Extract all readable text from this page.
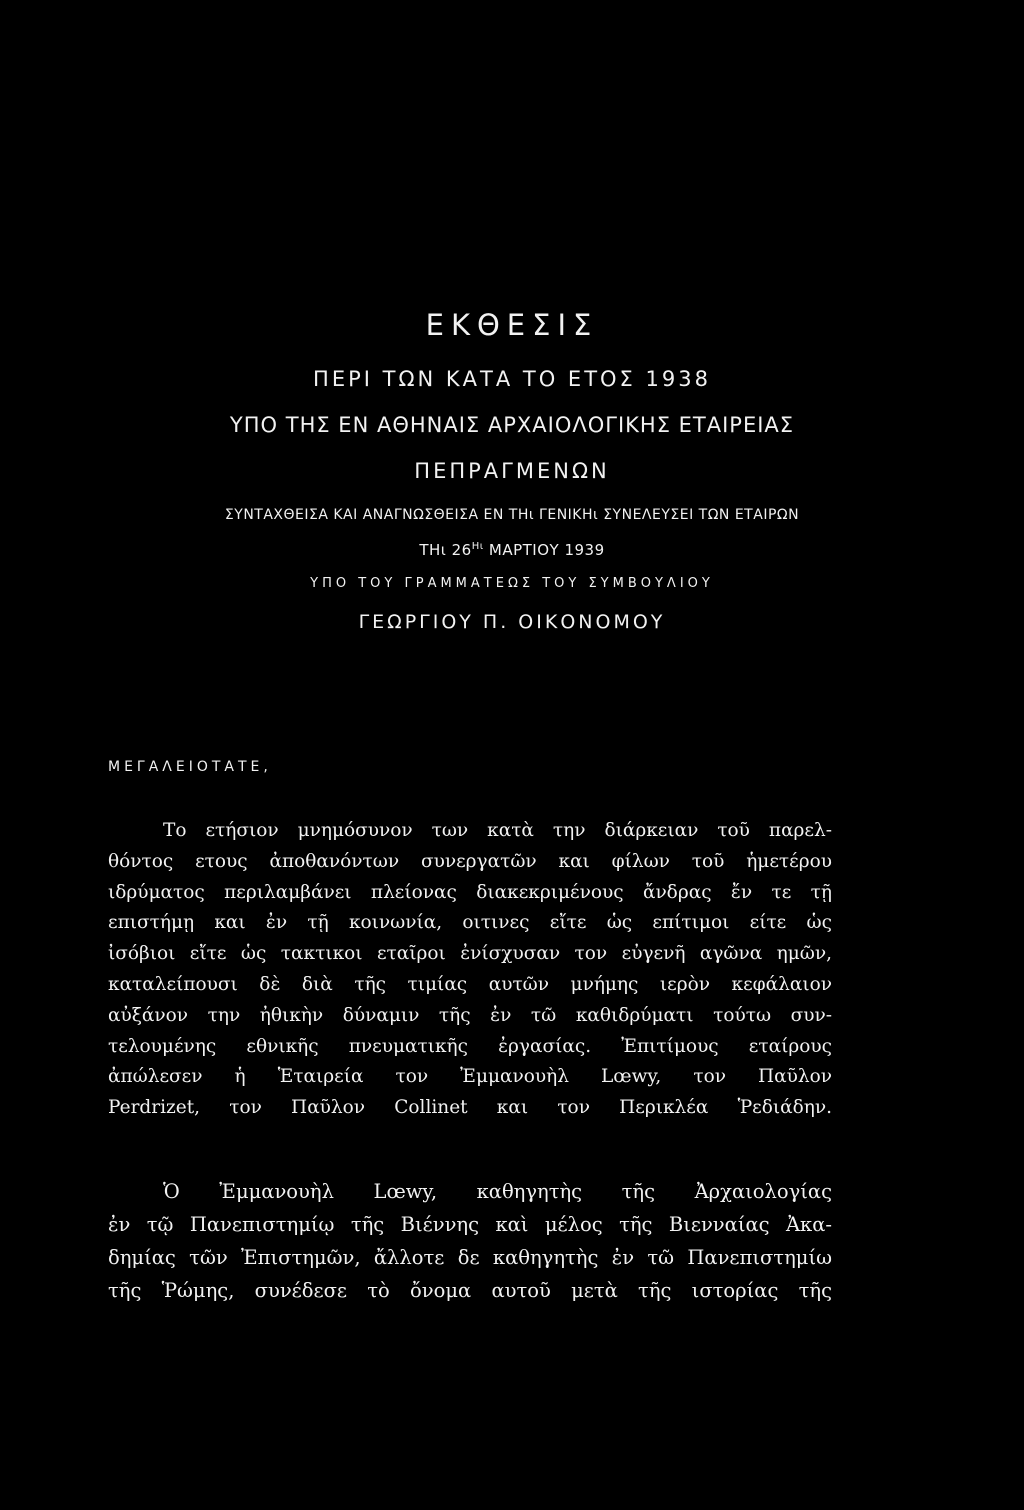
ΕΚΘΕΣΙΣ
ΠΕΡΙ ΤΩΝ ΚΑΤΑ ΤΟ ΕΤΟΣ 1938
ΥΠΟ ΤΗΣ ΕΝ ΑΘΗΝΑΙΣ ΑΡΧΑΙΟΛΟΓΙΚΗΣ ΕΤΑΙΡΕΙΑΣ
ΠΕΠΡΑΓΜΕΝΩΝ
ΣΥΝΤΑΧΘΕΙΣΑ ΚΑΙ ΑΝΑΓΝΩΣΘΕΙΣΑ ΕΝ ΤΗι ΓΕΝΙΚΗι ΣΥΝΕΛΕΥΣΕΙ ΤΩΝ ΕΤΑΙΡΩΝ
ΤΗι $26^{H\iota}$ ΜΑΡΤΙΟΥ 1939
ΥΠΟ ΤΟΥ ΓΡΑΜΜΑΤΕΩΣ ΤΟΥ ΣΥΜΒΟΥΛΙΟΥ
ΓΕΩΡΓΙΟΥ Π. ΟΙΚΟΝΟΜΟΥ
ΜΕΓΑΛΕΙΟΤΑΤΕ,
Το ετήσιον μνημόσυνον των κατὰ την διάρκειαν τοῦ παρελ-
θόντος ετους ἀποθανόντων συνεργατῶν και φίλων τοῦ ἡμετέρου
ιδρύματος περιλαμβάνει πλείονας διακεκριμένους ἄνδρας ἔν τε τῇ
επιστήμῃ και ἐν τῇ κοινωνία, οιτινες εἴτε ὡς επίτιμοι είτε ὡς
ἰσόβιοι εἴτε ὡς τακτικοι εταῖροι ἐνίσχυσαν τον εὐγενῆ αγῶνα ημῶν,
καταλείπουσι δὲ διὰ τῆς τιμίας αυτῶν μνήμης ιερὸν κεφάλαιον
αὐξάνον την ἠθικὴν δύναμιν τῆς ἐν τῶ καθιδρύματι τούτω συν-
τελουμένης εθνικῆς πνευματικῆς ἐργασίας. Ἐπιτίμους εταίρους
ἀπώλεσεν ἡ Ἑταιρεία τον Ἐμμανουὴλ Lœwy, τον Παῦλον
Perdrizet, τον Παῦλον Collinet και τον Περικλέα Ῥεδιάδην.
Ὁ Ἐμμανουὴλ Lœwy, καθηγητὴς τῆς Ἀρχαιολογίας
ἐν τῷ Πανεπιστημίῳ τῆς Βιέννης καὶ μέλος τῆς Βιενναίας Ἀκα-
δημίας τῶν Ἐπιστημῶν, ἄλλοτε δε καθηγητὴς ἐν τῶ Πανεπιστημίω
τῆς Ῥώμης, συνέδεσε τὸ ὄνομα αυτοῦ μετὰ τῆς ιστορίας τῆς
